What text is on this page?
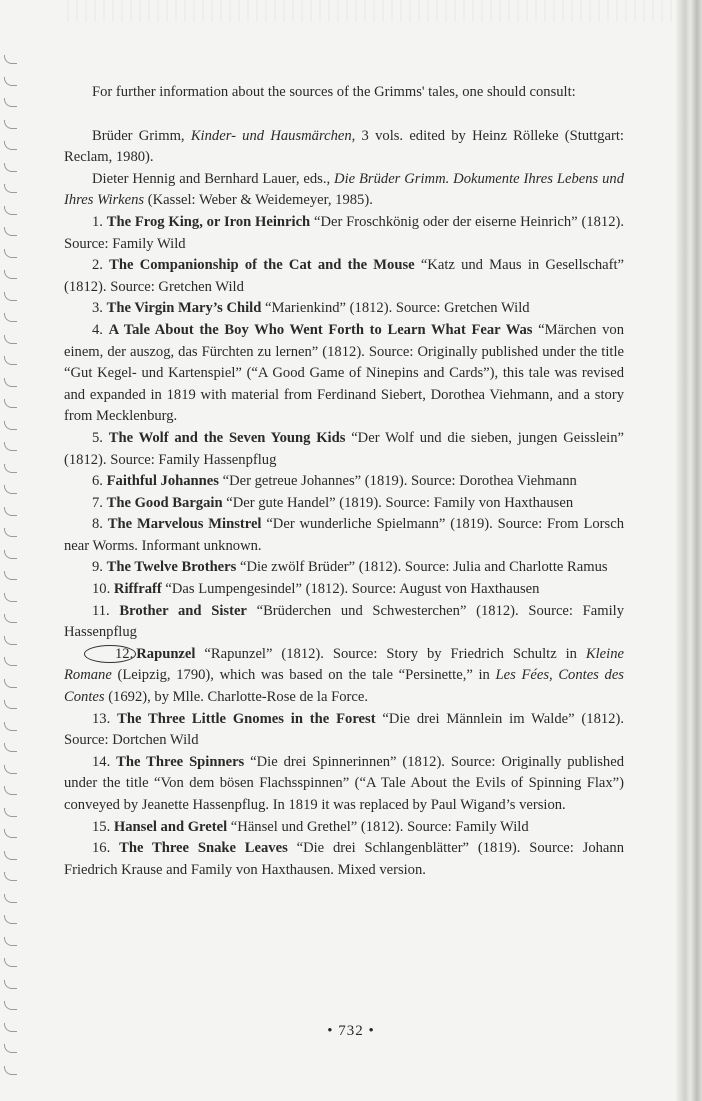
For further information about the sources of the Grimms' tales, one should consult:

Brüder Grimm, Kinder- und Hausmärchen, 3 vols. edited by Heinz Rölleke (Stuttgart: Reclam, 1980).

Dieter Hennig and Bernhard Lauer, eds., Die Brüder Grimm. Dokumente Ihres Lebens und Ihres Wirkens (Kassel: Weber & Weidemeyer, 1985).

1. The Frog King, or Iron Heinrich “Der Froschkönig oder der eiserne Heinrich” (1812). Source: Family Wild

2. The Companionship of the Cat and the Mouse “Katz und Maus in Gesellschaft” (1812). Source: Gretchen Wild

3. The Virgin Mary’s Child “Marienkind” (1812). Source: Gretchen Wild

4. A Tale About the Boy Who Went Forth to Learn What Fear Was “Märchen von einem, der auszog, das Fürchten zu lernen” (1812). Source: Originally published under the title “Gut Kegel- und Kartenspiel” (“A Good Game of Ninepins and Cards”), this tale was revised and expanded in 1819 with material from Ferdinand Siebert, Dorothea Viehmann, and a story from Mecklenburg.

5. The Wolf and the Seven Young Kids “Der Wolf und die sieben, jungen Geisslein” (1812). Source: Family Hassenpflug

6. Faithful Johannes “Der getreue Johannes” (1819). Source: Dorothea Viehmann

7. The Good Bargain “Der gute Handel” (1819). Source: Family von Haxthausen

8. The Marvelous Minstrel “Der wunderliche Spielmann” (1819). Source: From Lorsch near Worms. Informant unknown.

9. The Twelve Brothers “Die zwölf Brüder” (1812). Source: Julia and Charlotte Ramus

10. Riffraff “Das Lumpengesindel” (1812). Source: August von Haxthausen

11. Brother and Sister “Brüderchen und Schwesterchen” (1812). Source: Family Hassenpflug

12. Rapunzel “Rapunzel” (1812). Source: Story by Friedrich Schultz in Kleine Romane (Leipzig, 1790), which was based on the tale “Persinette,” in Les Fées, Contes des Contes (1692), by Mlle. Charlotte-Rose de la Force.

13. The Three Little Gnomes in the Forest “Die drei Männlein im Walde” (1812). Source: Dortchen Wild

14. The Three Spinners “Die drei Spinnerinnen” (1812). Source: Originally published under the title “Von dem bösen Flachsspinnen” (“A Tale About the Evils of Spinning Flax”) conveyed by Jeanette Hassenpflug. In 1819 it was replaced by Paul Wigand’s version.

15. Hansel and Gretel “Hänsel und Grethel” (1812). Source: Family Wild

16. The Three Snake Leaves “Die drei Schlangenblätter” (1819). Source: Johann Friedrich Krause and Family von Haxthausen. Mixed version.

• 732 •
